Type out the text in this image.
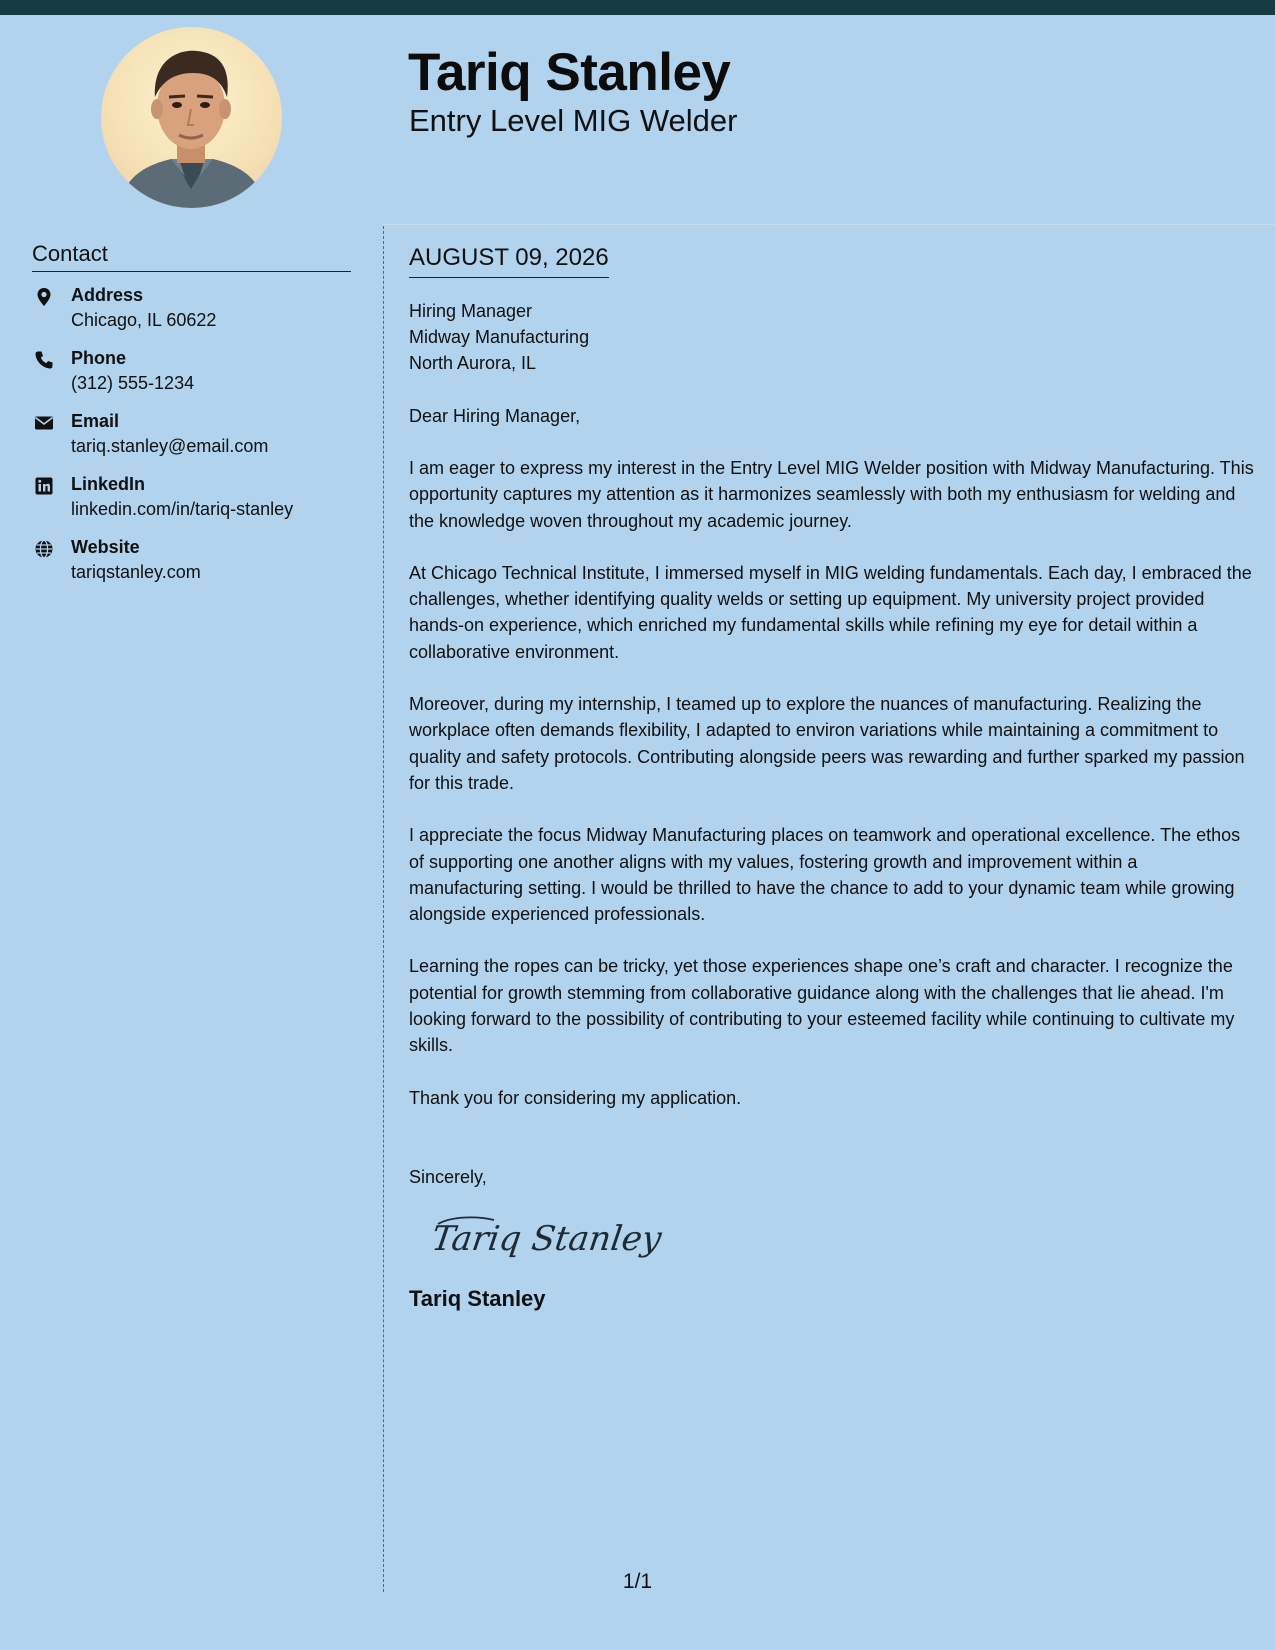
Tariq Stanley
Entry Level MIG Welder
Contact
Address
Chicago, IL 60622
Phone
(312) 555-1234
Email
tariq.stanley@email.com
LinkedIn
linkedin.com/in/tariq-stanley
Website
tariqstanley.com
AUGUST 09, 2026
Hiring Manager
Midway Manufacturing
North Aurora, IL
Dear Hiring Manager,
I am eager to express my interest in the Entry Level MIG Welder position with Midway Manufacturing. This opportunity captures my attention as it harmonizes seamlessly with both my enthusiasm for welding and the knowledge woven throughout my academic journey.
At Chicago Technical Institute, I immersed myself in MIG welding fundamentals. Each day, I embraced the challenges, whether identifying quality welds or setting up equipment. My university project provided hands-on experience, which enriched my fundamental skills while refining my eye for detail within a collaborative environment.
Moreover, during my internship, I teamed up to explore the nuances of manufacturing. Realizing the workplace often demands flexibility, I adapted to environ variations while maintaining a commitment to quality and safety protocols. Contributing alongside peers was rewarding and further sparked my passion for this trade.
I appreciate the focus Midway Manufacturing places on teamwork and operational excellence. The ethos of supporting one another aligns with my values, fostering growth and improvement within a manufacturing setting. I would be thrilled to have the chance to add to your dynamic team while growing alongside experienced professionals.
Learning the ropes can be tricky, yet those experiences shape one’s craft and character. I recognize the potential for growth stemming from collaborative guidance along with the challenges that lie ahead. I'm looking forward to the possibility of contributing to your esteemed facility while continuing to cultivate my skills.
Thank you for considering my application.
Sincerely,
Tariq Stanley
Tariq Stanley
1/1
